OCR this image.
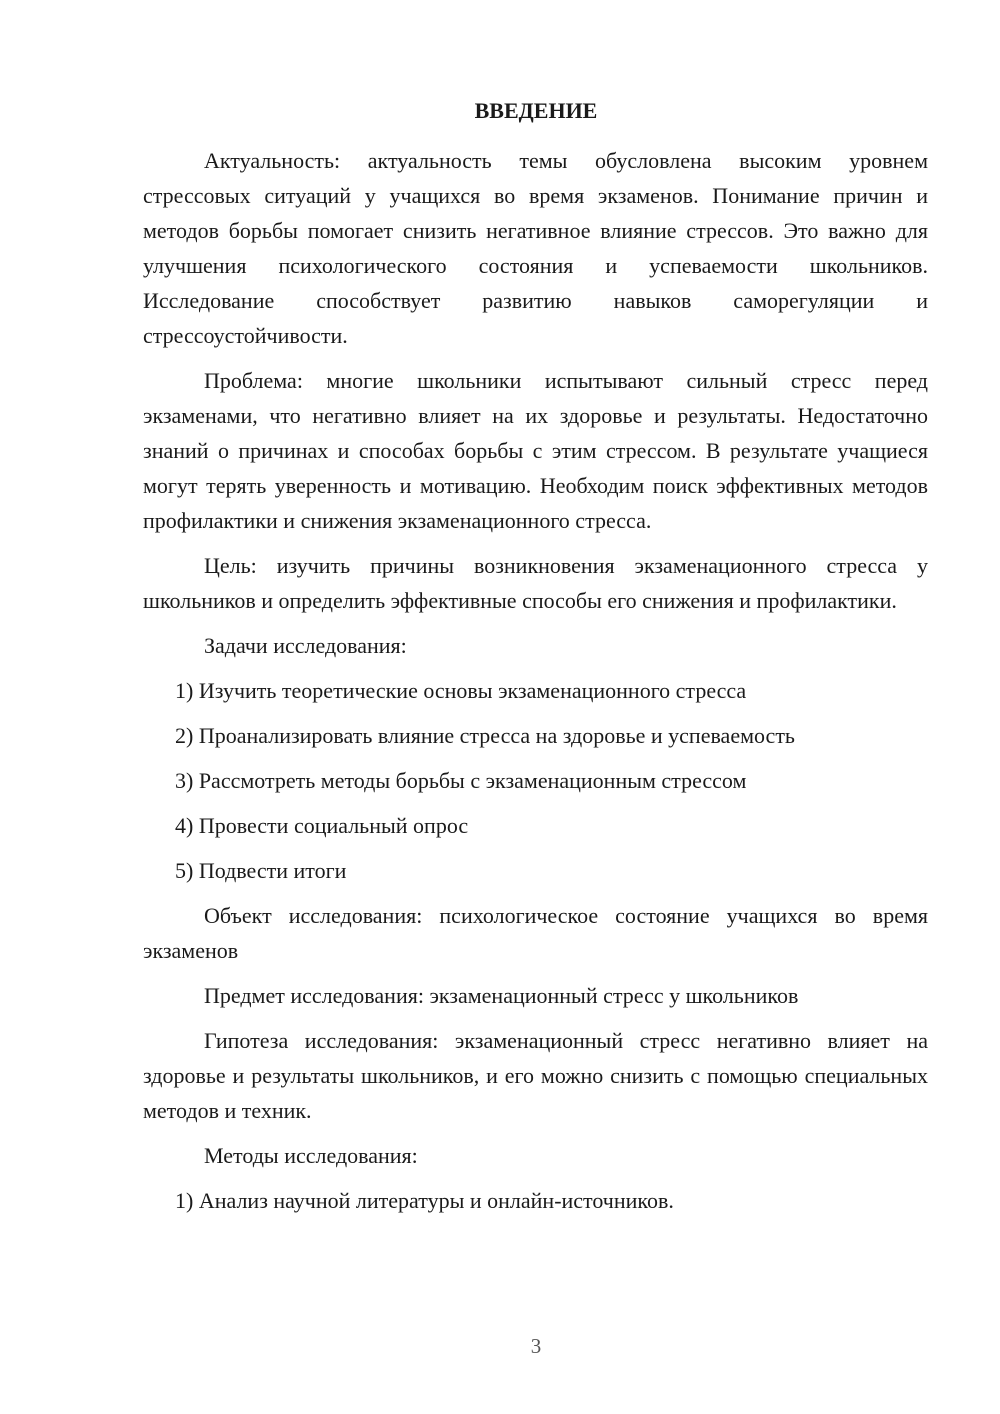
ВВЕДЕНИЕ

Актуальность: актуальность темы обусловлена высоким уровнем стрессовых ситуаций у учащихся во время экзаменов. Понимание причин и методов борьбы помогает снизить негативное влияние стрессов. Это важно для улучшения психологического состояния и успеваемости школьников. Исследование способствует развитию навыков саморегуляции и стрессоустойчивости.

Проблема: многие школьники испытывают сильный стресс перед экзаменами, что негативно влияет на их здоровье и результаты. Недостаточно знаний о причинах и способах борьбы с этим стрессом. В результате учащиеся могут терять уверенность и мотивацию. Необходим поиск эффективных методов профилактики и снижения экзаменационного стресса.

Цель: изучить причины возникновения экзаменационного стресса у школьников и определить эффективные способы его снижения и профилактики.

Задачи исследования:

1) Изучить теоретические основы экзаменационного стресса
2) Проанализировать влияние стресса на здоровье и успеваемость
3) Рассмотреть методы борьбы с экзаменационным стрессом
4) Провести социальный опрос
5) Подвести итоги

Объект исследования: психологическое состояние учащихся во время экзаменов

Предмет исследования: экзаменационный стресс у школьников

Гипотеза исследования: экзаменационный стресс негативно влияет на здоровье и результаты школьников, и его можно снизить с помощью специальных методов и техник.

Методы исследования:

1) Анализ научной литературы и онлайн-источников.
3
